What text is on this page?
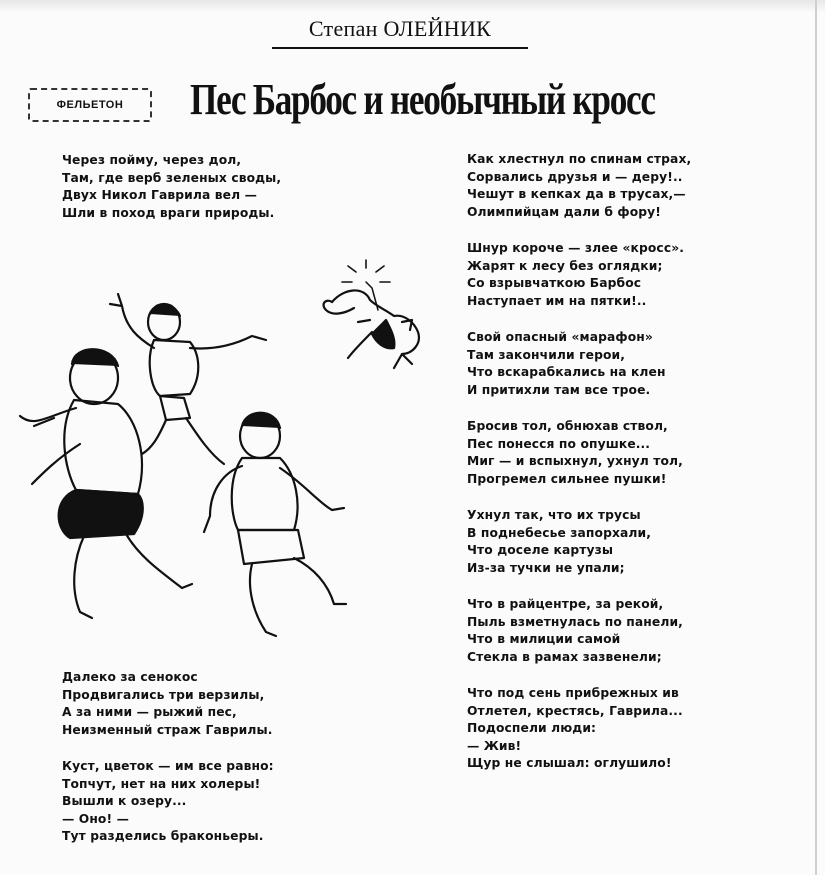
Степан ОЛЕЙНИК
ФЕЛЬЕТОН	Пес Барбос и необычный кросс
Через пойму, через дол,
Там, где верб зеленых своды,
Двух Никол Гаврила вел —
Шли в поход враги природы.
Далеко за сенокос
Продвигались три верзилы,
А за ними — рыжий пес,
Неизменный страж Гаврилы.
Куст, цветок — им все равно:
Топчут, нет на них холеры!
Вышли к озеру...
— Оно! —
Тут разделись браконьеры.
Как хлестнул по спинам страх,
Сорвались друзья и — деру!..
Чешут в кепках да в трусах,—
Олимпийцам дали б фору!
Шнур короче — злее «кросс».
Жарят к лесу без оглядки;
Со взрывчаткою Барбос
Наступает им на пятки!..
Свой опасный «марафон»
Там закончили герои,
Что вскарабкались на клен
И притихли там все трое.
Бросив тол, обнюхав ствол,
Пес понесся по опушке...
Миг — и вспыхнул, ухнул тол,
Прогремел сильнее пушки!
Ухнул так, что их трусы
В поднебесье запорхали,
Что доселе картузы
Из-за тучки не упали;
Что в райцентре, за рекой,
Пыль взметнулась по панели,
Что в милиции самой
Стекла в рамах зазвенели;
Что под сень прибрежных ив
Отлетел, крестясь, Гаврила...
Подоспели люди:
— Жив!
Щур не слышал: оглушило!
